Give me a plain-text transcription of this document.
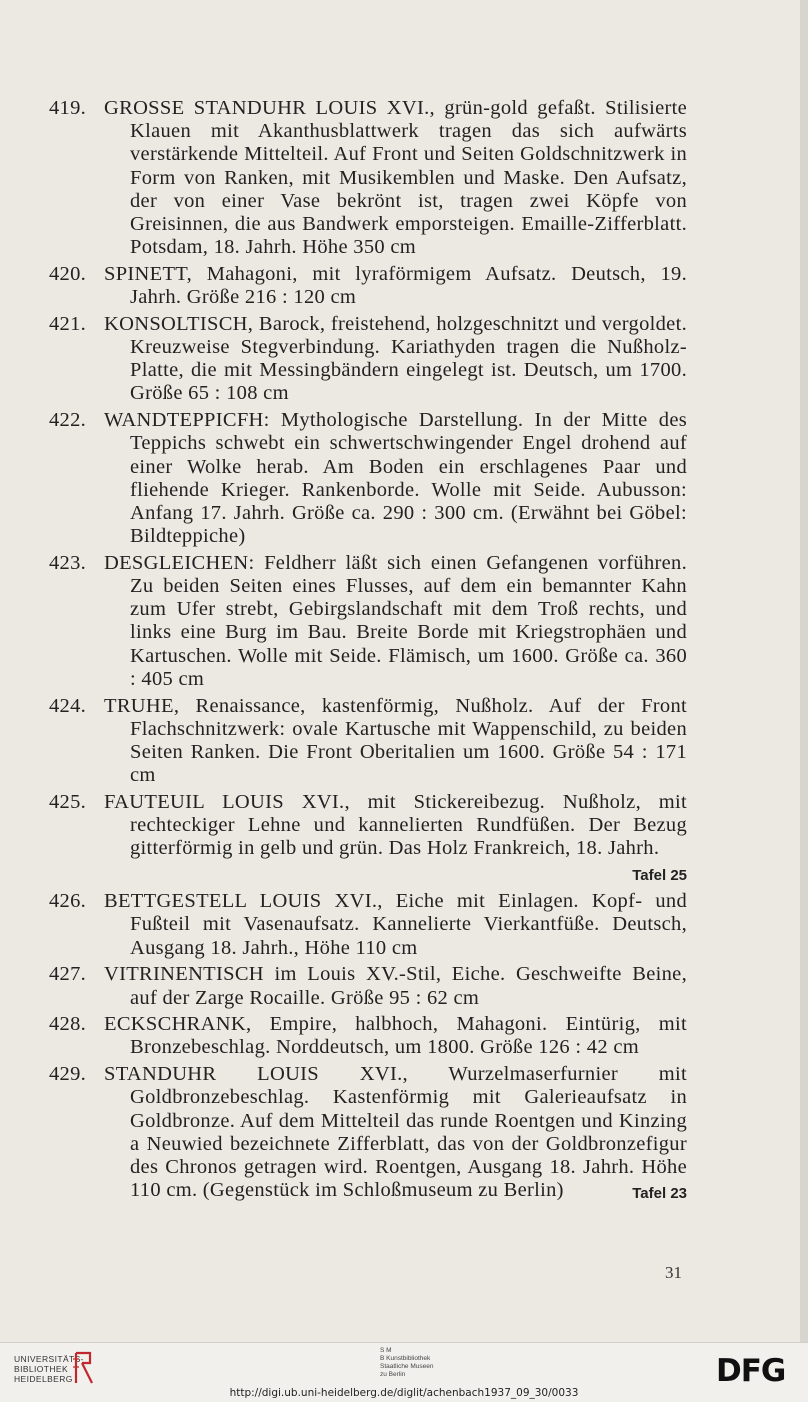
419. GROSSE STANDUHR LOUIS XVI., grün-gold gefaßt. Stilisierte Klauen mit Akanthusblattwerk tragen das sich aufwärts verstärkende Mittelteil. Auf Front und Seiten Goldschnitzwerk in Form von Ranken, mit Musikemblen und Maske. Den Aufsatz, der von einer Vase bekrönt ist, tragen zwei Köpfe von Greisinnen, die aus Bandwerk emporsteigen. Emaille-Zifferblatt. Potsdam, 18. Jahrh. Höhe 350 cm
420. SPINETT, Mahagoni, mit lyraförmigem Aufsatz. Deutsch, 19. Jahrh. Größe 216 : 120 cm
421. KONSOLTISCH, Barock, freistehend, holzgeschnitzt und vergoldet. Kreuzweise Stegverbindung. Kariathyden tragen die Nußholz-Platte, die mit Messingbändern eingelegt ist. Deutsch, um 1700. Größe 65 : 108 cm
422. WANDTEPPICFH: Mythologische Darstellung. In der Mitte des Teppichs schwebt ein schwertschwingender Engel drohend auf einer Wolke herab. Am Boden ein erschlagenes Paar und fliehende Krieger. Rankenborde. Wolle mit Seide. Aubusson: Anfang 17. Jahrh. Größe ca. 290 : 300 cm. (Erwähnt bei Göbel: Bildteppiche)
423. DESGLEICHEN: Feldherr läßt sich einen Gefangenen vorführen. Zu beiden Seiten eines Flusses, auf dem ein bemannter Kahn zum Ufer strebt, Gebirgslandschaft mit dem Troß rechts, und links eine Burg im Bau. Breite Borde mit Kriegstrophäen und Kartuschen. Wolle mit Seide. Flämisch, um 1600. Größe ca. 360 : 405 cm
424. TRUHE, Renaissance, kastenförmig, Nußholz. Auf der Front Flachschnitzwerk: ovale Kartusche mit Wappenschild, zu beiden Seiten Ranken. Die Front Oberitalien um 1600. Größe 54 : 171 cm
425. FAUTEUIL LOUIS XVI., mit Stickereibezug. Nußholz, mit rechteckiger Lehne und kannelierten Rundfüßen. Der Bezug gitterförmig in gelb und grün. Das Holz Frankreich, 18. Jahrh.
Tafel 25
426. BETTGESTELL LOUIS XVI., Eiche mit Einlagen. Kopf- und Fußteil mit Vasenaufsatz. Kannelierte Vierkantfüße. Deutsch, Ausgang 18. Jahrh., Höhe 110 cm
427. VITRINENTISCH im Louis XV.-Stil, Eiche. Geschweifte Beine, auf der Zarge Rocaille. Größe 95 : 62 cm
428. ECKSCHRANK, Empire, halbhoch, Mahagoni. Eintürig, mit Bronzebeschlag. Norddeutsch, um 1800. Größe 126 : 42 cm
429. STANDUHR LOUIS XVI., Wurzelmaserfurnier mit Goldbronzebeschlag. Kastenförmig mit Galerieaufsatz in Goldbronze. Auf dem Mittelteil das runde Roentgen und Kinzing a Neuwied bezeichnete Zifferblatt, das von der Goldbronzefigur des Chronos getragen wird. Roentgen, Ausgang 18. Jahrh. Höhe 110 cm. (Gegenstück im Schloßmuseum zu Berlin)	Tafel 23
31
UNIVERSITÄTS-
BIBLIOTHEK
HEIDELBERG
S M
B Kunstbibliothek
Staatliche Museen
zu Berlin	DFG
http://digi.ub.uni-heidelberg.de/diglit/achenbach1937_09_30/0033
